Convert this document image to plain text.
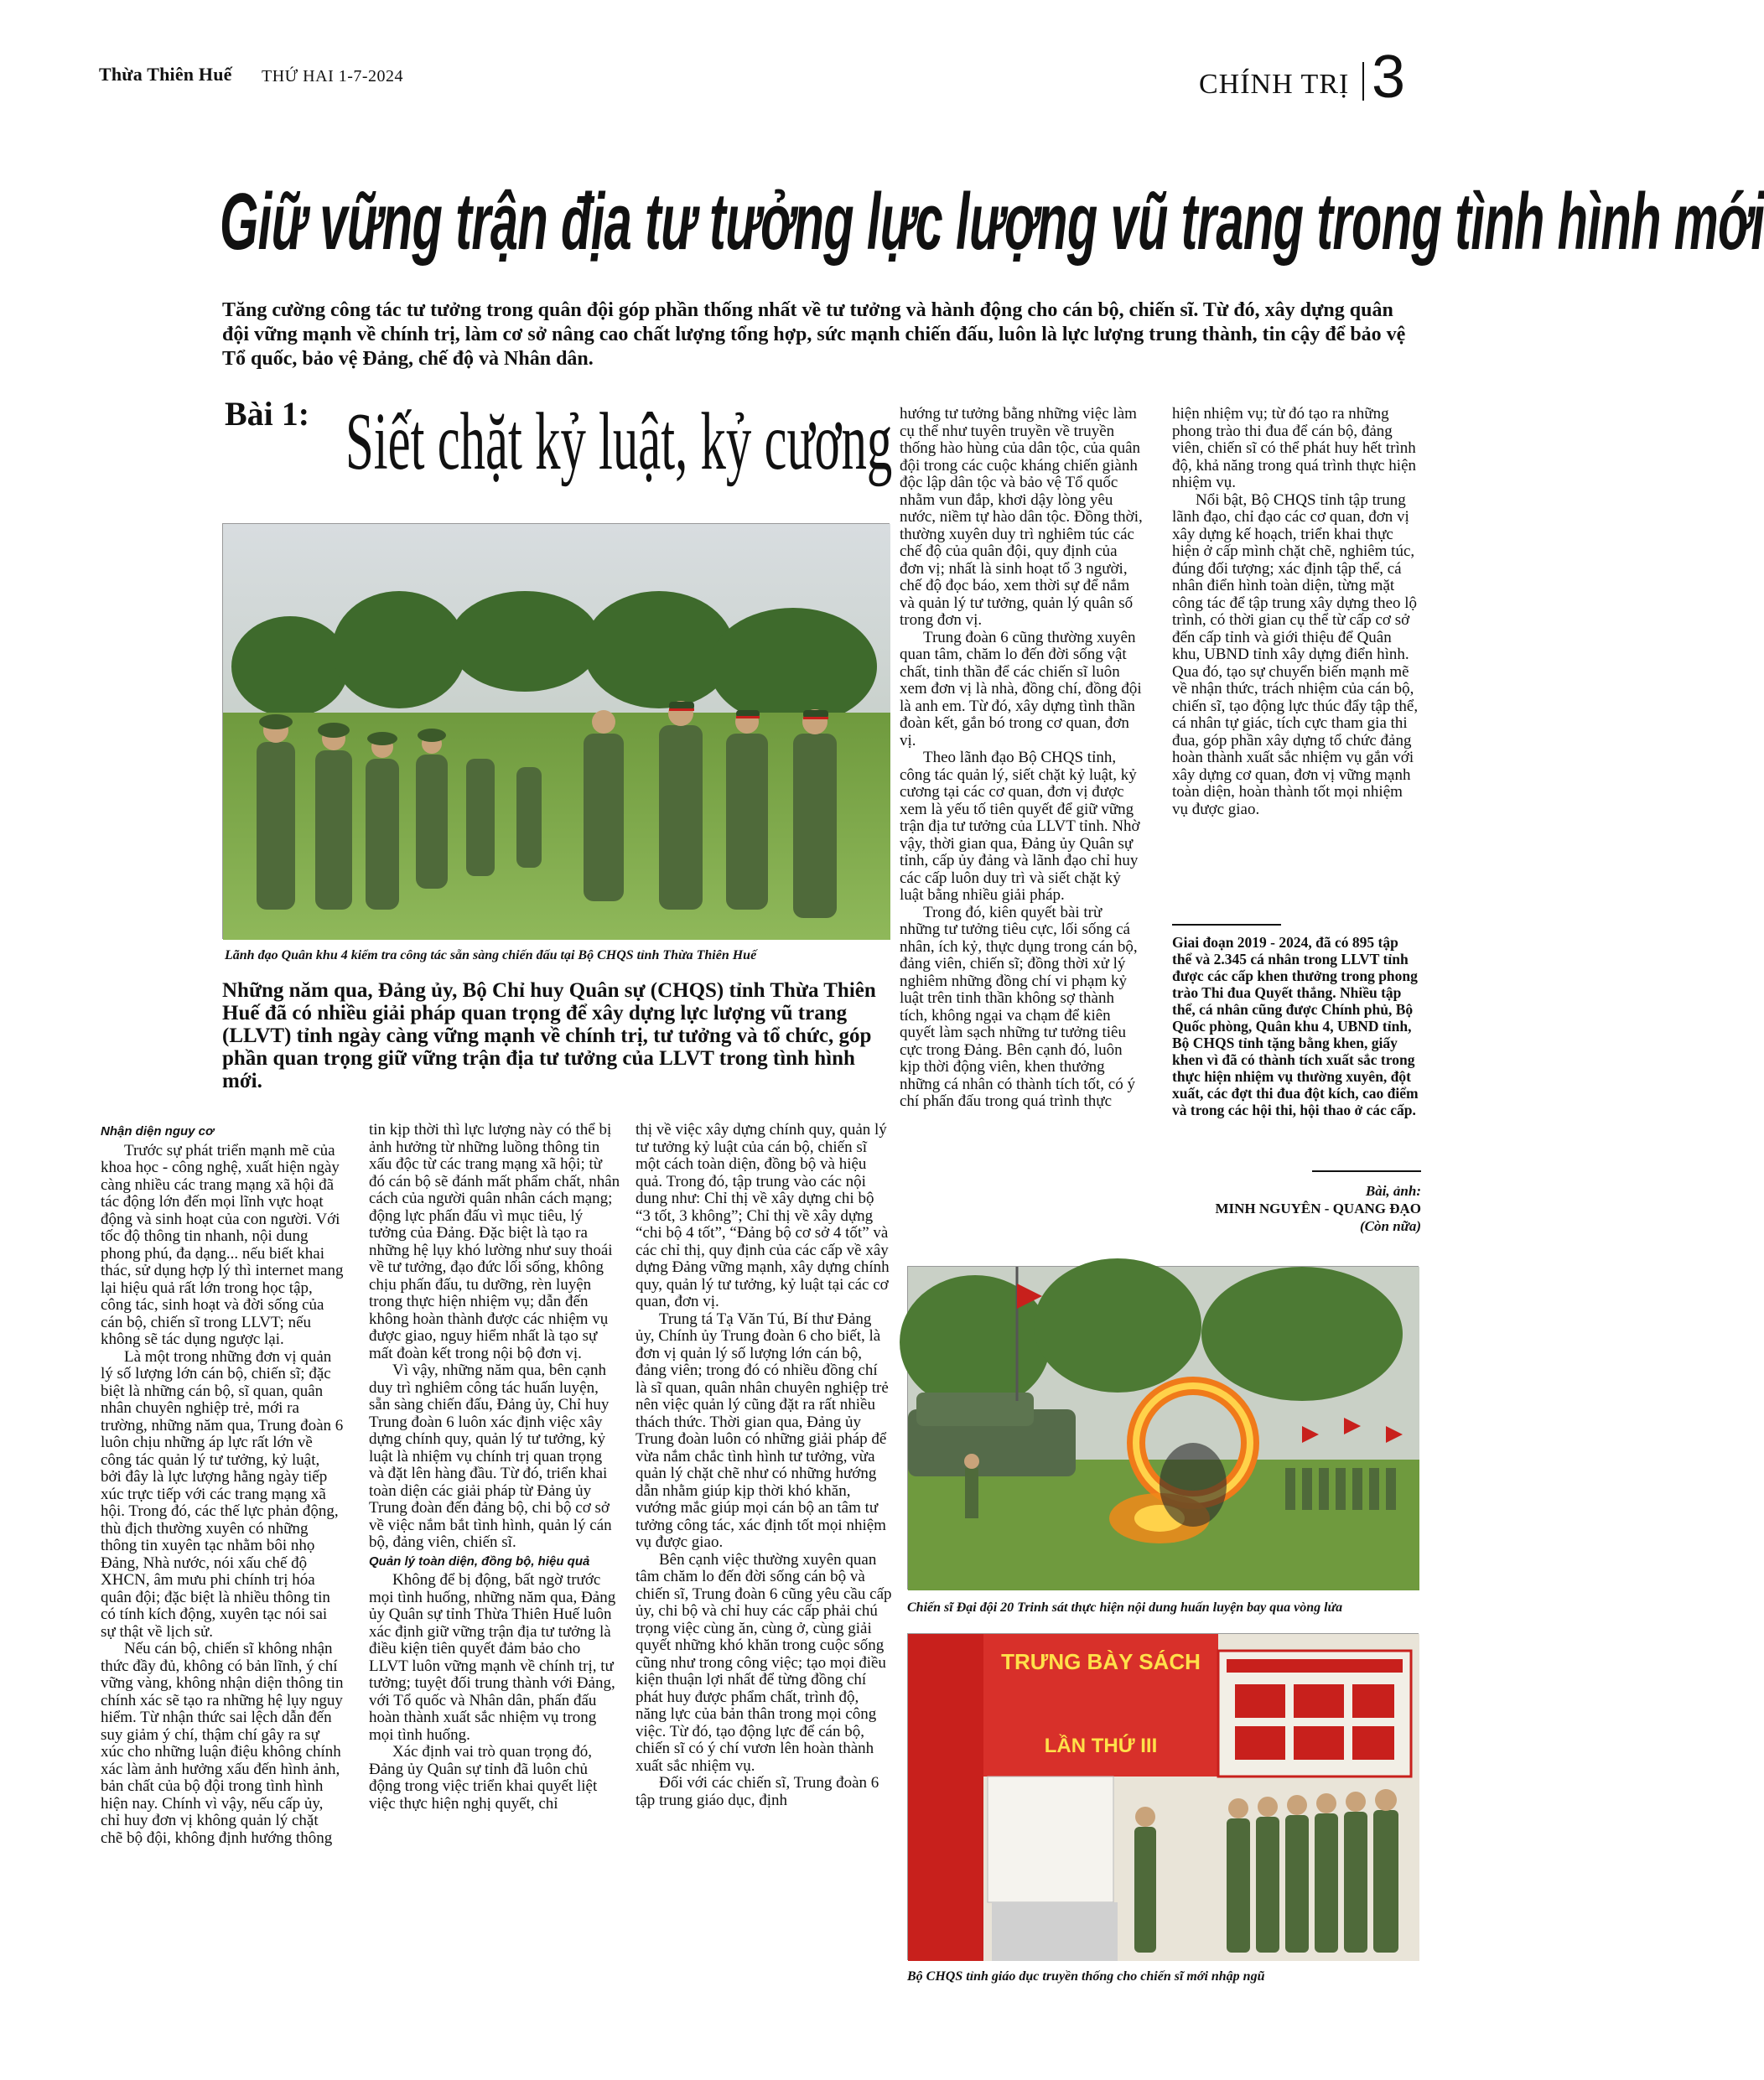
Thừa Thiên Huế THỨ HAI 1-7-2024	CHÍNH TRỊ 3
Giữ vững trận địa tư tưởng lực lượng vũ trang trong tình hình mới
Tăng cường công tác tư tưởng trong quân đội góp phần thống nhất về tư tưởng và hành động cho cán bộ, chiến sĩ. Từ đó, xây dựng quân đội vững mạnh về chính trị, làm cơ sở nâng cao chất lượng tổng hợp, sức mạnh chiến đấu, luôn là lực lượng trung thành, tin cậy để bảo vệ Tổ quốc, bảo vệ Đảng, chế độ và Nhân dân.
Bài 1: Siết chặt kỷ luật, kỷ cương
Lãnh đạo Quân khu 4 kiểm tra công tác sẵn sàng chiến đấu tại Bộ CHQS tỉnh Thừa Thiên Huế
Những năm qua, Đảng ủy, Bộ Chỉ huy Quân sự (CHQS) tỉnh Thừa Thiên Huế đã có nhiều giải pháp quan trọng để xây dựng lực lượng vũ trang (LLVT) tỉnh ngày càng vững mạnh về chính trị, tư tưởng và tổ chức, góp phần quan trọng giữ vững trận địa tư tưởng của LLVT trong tình hình mới.

Nhận diện nguy cơ

Trước sự phát triển mạnh mẽ của khoa học - công nghệ, xuất hiện ngày càng nhiều các trang mạng xã hội đã tác động lớn đến mọi lĩnh vực hoạt động và sinh hoạt của con người. Với tốc độ thông tin nhanh, nội dung phong phú, đa dạng... nếu biết khai thác, sử dụng hợp lý thì internet mang lại hiệu quả rất lớn trong học tập, công tác, sinh hoạt và đời sống của cán bộ, chiến sĩ trong LLVT; nếu không sẽ tác dụng ngược lại.

Là một trong những đơn vị quản lý số lượng lớn cán bộ, chiến sĩ; đặc biệt là những cán bộ, sĩ quan, quân nhân chuyên nghiệp trẻ, mới ra trường, những năm qua, Trung đoàn 6 luôn chịu những áp lực rất lớn về công tác quản lý tư tưởng, kỷ luật, bởi đây là lực lượng hằng ngày tiếp xúc trực tiếp với các trang mạng xã hội. Trong đó, các thế lực phản động, thù địch thường xuyên có những thông tin xuyên tạc nhằm bôi nhọ Đảng, Nhà nước, nói xấu chế độ XHCN, âm mưu phi chính trị hóa quân đội; đặc biệt là nhiều thông tin có tính kích động, xuyên tạc nói sai sự thật về lịch sử.

Nếu cán bộ, chiến sĩ không nhận thức đầy đủ, không có bản lĩnh, ý chí vững vàng, không nhận diện thông tin chính xác sẽ tạo ra những hệ lụy nguy hiểm. Từ nhận thức sai lệch dẫn đến suy giảm ý chí, thậm chí gây ra sự xúc cho những luận điệu không chính xác làm ảnh hưởng xấu đến hình ảnh, bản chất của bộ đội trong tình hình hiện nay. Chính vì vậy, nếu cấp ủy, chỉ huy đơn vị không quản lý chặt chẽ bộ đội, không định hướng thông

tin kịp thời thì lực lượng này có thể bị ảnh hưởng từ những luồng thông tin xấu độc từ các trang mạng xã hội; từ đó cán bộ sẽ đánh mất phẩm chất, nhân cách của người quân nhân cách mạng; động lực phấn đấu vì mục tiêu, lý tưởng của Đảng. Đặc biệt là tạo ra những hệ lụy khó lường như suy thoái về tư tưởng, đạo đức lối sống, không chịu phấn đấu, tu dưỡng, rèn luyện trong thực hiện nhiệm vụ; dẫn đến không hoàn thành được các nhiệm vụ được giao, nguy hiểm nhất là tạo sự mất đoàn kết trong nội bộ đơn vị.

Vì vậy, những năm qua, bên cạnh duy trì nghiêm công tác huấn luyện, sẵn sàng chiến đấu, Đảng ủy, Chỉ huy Trung đoàn 6 luôn xác định việc xây dựng chính quy, quản lý tư tưởng, kỷ luật là nhiệm vụ chính trị quan trọng và đặt lên hàng đầu. Từ đó, triển khai toàn diện các giải pháp từ Đảng ủy Trung đoàn đến đảng bộ, chi bộ cơ sở về việc nắm bắt tình hình, quản lý cán bộ, đảng viên, chiến sĩ.

Quản lý toàn diện, đồng bộ, hiệu quả

Không để bị động, bất ngờ trước mọi tình huống, những năm qua, Đảng ủy Quân sự tỉnh Thừa Thiên Huế luôn xác định giữ vững trận địa tư tưởng là điều kiện tiên quyết đảm bảo cho LLVT luôn vững mạnh về chính trị, tư tưởng; tuyệt đối trung thành với Đảng, với Tổ quốc và Nhân dân, phấn đấu hoàn thành xuất sắc nhiệm vụ trong mọi tình huống.

Xác định vai trò quan trọng đó, Đảng ủy Quân sự tỉnh đã luôn chủ động trong việc triển khai quyết liệt việc thực hiện nghị quyết, chỉ

thị về việc xây dựng chính quy, quản lý tư tưởng kỷ luật của cán bộ, chiến sĩ một cách toàn diện, đồng bộ và hiệu quả. Trong đó, tập trung vào các nội dung như: Chỉ thị về xây dựng chi bộ “3 tốt, 3 không”; Chỉ thị về xây dựng “chi bộ 4 tốt”, “Đảng bộ cơ sở 4 tốt” và các chỉ thị, quy định của các cấp về xây dựng Đảng vững mạnh, xây dựng chính quy, quản lý tư tưởng, kỷ luật tại các cơ quan, đơn vị.

Trung tá Tạ Văn Tú, Bí thư Đảng ủy, Chính ủy Trung đoàn 6 cho biết, là đơn vị quản lý số lượng lớn cán bộ, đảng viên; trong đó có nhiều đồng chí là sĩ quan, quân nhân chuyên nghiệp trẻ nên việc quản lý cũng đặt ra rất nhiều thách thức. Thời gian qua, Đảng ủy Trung đoàn luôn có những giải pháp để vừa nắm chắc tình hình tư tưởng, vừa quản lý chặt chẽ như có những hướng dẫn nhằm giúp kịp thời khó khăn, vướng mắc giúp mọi cán bộ an tâm tư tưởng công tác, xác định tốt mọi nhiệm vụ được giao.

Bên cạnh việc thường xuyên quan tâm chăm lo đến đời sống cán bộ và chiến sĩ, Trung đoàn 6 cũng yêu cầu cấp ủy, chi bộ và chỉ huy các cấp phải chú trọng việc cùng ăn, cùng ở, cùng giải quyết những khó khăn trong cuộc sống cũng như trong công việc; tạo mọi điều kiện thuận lợi nhất để từng đồng chí phát huy được phẩm chất, trình độ, năng lực của bản thân trong mọi công việc. Từ đó, tạo động lực để cán bộ, chiến sĩ có ý chí vươn lên hoàn thành xuất sắc nhiệm vụ.

Đối với các chiến sĩ, Trung đoàn 6 tập trung giáo dục, định

hướng tư tưởng bằng những việc làm cụ thể như tuyên truyền về truyền thống hào hùng của dân tộc, của quân đội trong các cuộc kháng chiến giành độc lập dân tộc và bảo vệ Tổ quốc nhằm vun đắp, khơi dậy lòng yêu nước, niềm tự hào dân tộc. Đồng thời, thường xuyên duy trì nghiêm túc các chế độ của quân đội, quy định của đơn vị; nhất là sinh hoạt tổ 3 người, chế độ đọc báo, xem thời sự để nắm và quản lý tư tưởng, quản lý quân số trong đơn vị.

Trung đoàn 6 cũng thường xuyên quan tâm, chăm lo đến đời sống vật chất, tinh thần để các chiến sĩ luôn xem đơn vị là nhà, đồng chí, đồng đội là anh em. Từ đó, xây dựng tình thần đoàn kết, gắn bó trong cơ quan, đơn vị.

Theo lãnh đạo Bộ CHQS tỉnh, công tác quản lý, siết chặt kỷ luật, kỷ cương tại các cơ quan, đơn vị được xem là yếu tố tiên quyết để giữ vững trận địa tư tưởng của LLVT tỉnh. Nhờ vậy, thời gian qua, Đảng ủy Quân sự tỉnh, cấp ủy đảng và lãnh đạo chỉ huy các cấp luôn duy trì và siết chặt kỷ luật bằng nhiều giải pháp.

Trong đó, kiên quyết bài trừ những tư tưởng tiêu cực, lối sống cá nhân, ích kỷ, thực dụng trong cán bộ, đảng viên, chiến sĩ; đồng thời xử lý nghiêm những đồng chí vi phạm kỷ luật trên tinh thần không sợ thành tích, không ngại va chạm để kiên quyết làm sạch những tư tưởng tiêu cực trong Đảng. Bên cạnh đó, luôn kịp thời động viên, khen thưởng những cá nhân có thành tích tốt, có ý chí phấn đấu trong quá trình thực

hiện nhiệm vụ; từ đó tạo ra những phong trào thi đua để cán bộ, đảng viên, chiến sĩ có thể phát huy hết trình độ, khả năng trong quá trình thực hiện nhiệm vụ.

Nổi bật, Bộ CHQS tỉnh tập trung lãnh đạo, chỉ đạo các cơ quan, đơn vị xây dựng kế hoạch, triển khai thực hiện ở cấp mình chặt chẽ, nghiêm túc, đúng đối tượng; xác định tập thể, cá nhân điển hình toàn diện, từng mặt công tác để tập trung xây dựng theo lộ trình, có thời gian cụ thể từ cấp cơ sở đến cấp tỉnh và giới thiệu để Quân khu, UBND tỉnh xây dựng điển hình. Qua đó, tạo sự chuyển biến mạnh mẽ về nhận thức, trách nhiệm của cán bộ, chiến sĩ, tạo động lực thúc đẩy tập thể, cá nhân tự giác, tích cực tham gia thi đua, góp phần xây dựng tổ chức đảng hoàn thành xuất sắc nhiệm vụ gắn với xây dựng cơ quan, đơn vị vững mạnh toàn diện, hoàn thành tốt mọi nhiệm vụ được giao.

Giai đoạn 2019 - 2024, đã có 895 tập thể và 2.345 cá nhân trong LLVT tỉnh được các cấp khen thưởng trong phong trào Thi đua Quyết thắng. Nhiều tập thể, cá nhân cũng được Chính phủ, Bộ Quốc phòng, Quân khu 4, UBND tỉnh, Bộ CHQS tỉnh tặng bằng khen, giấy khen vì đã có thành tích xuất sắc trong thực hiện nhiệm vụ thường xuyên, đột xuất, các đợt thi đua đột kích, cao điểm và trong các hội thi, hội thao ở các cấp.
Bài, ảnh:
MINH NGUYÊN - QUANG ĐẠO
(Còn nữa)
Chiến sĩ Đại đội 20 Trinh sát thực hiện nội dung huấn luyện bay qua vòng lửa
TRƯNG BÀY SÁCH
LẦN THỨ III
Bộ CHQS tỉnh giáo dục truyền thống cho chiến sĩ mới nhập ngũ
